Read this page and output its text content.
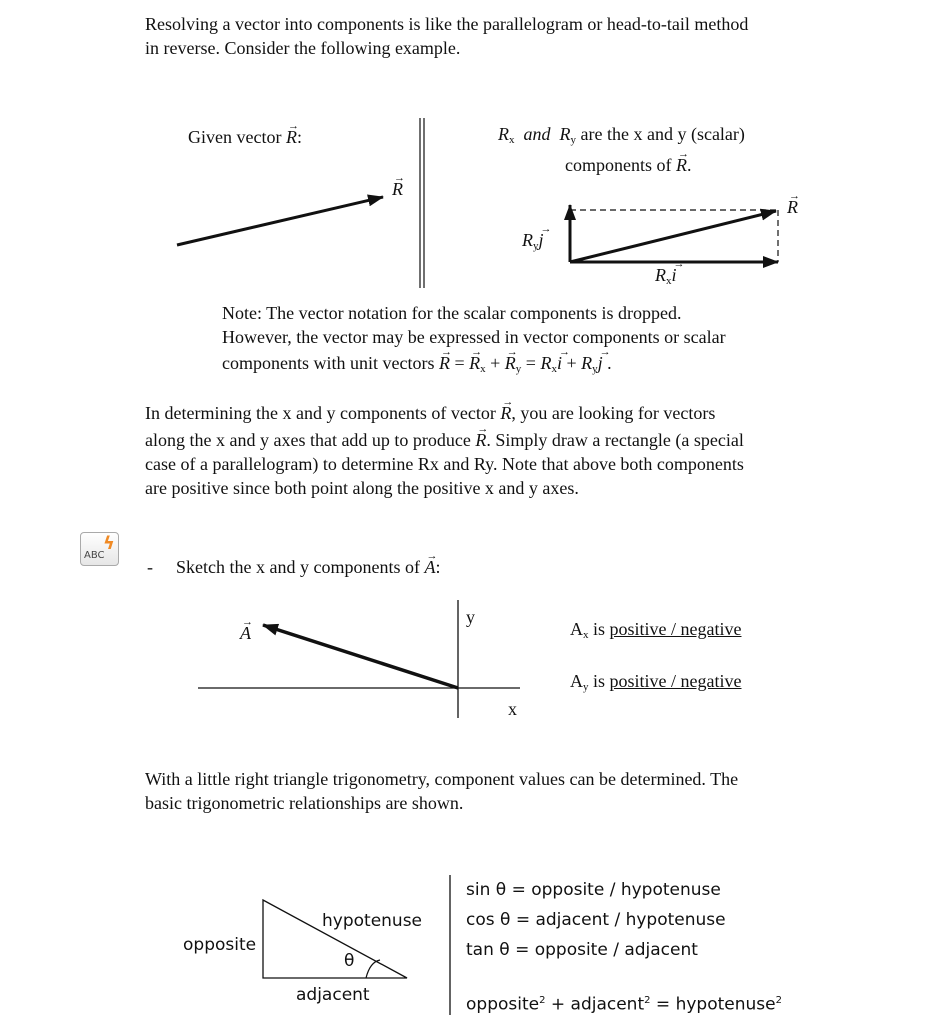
Resolving a vector into components is like the parallelogram or head-to-tail method
in reverse. Consider the following example.
Given vector → R:
→ R
$R_x$ and $R_y$ are the x and y (scalar)
components of → R.
→ R
$R_y\to j$
$R_x\to i$
Note: The vector notation for the scalar components is dropped.
However, the vector may be expressed in vector components or scalar
components with unit vectors → R = → $R_x$ + → $R_y = R_x\to i + R_y\to j$ .
In determining the x and y components of vector → R, you are looking for vectors
along the x and y axes that add up to produce → R. Simply draw a rectangle (a special
case of a parallelogram) to determine Rx and Ry. Note that above both components
are positive since both point along the positive x and y axes.
ABC
ϟ
- Sketch the x and y components of → A:
→ A
y
x
$A_x$ is positive / negative
$A_y$ is positive / negative
With a little right triangle trigonometry, component values can be determined. The
basic trigonometric relationships are shown.
hypotenuse
opposite
θ
adjacent
sin θ = opposite / hypotenuse
cos θ = adjacent / hypotenuse
tan θ = opposite / adjacent
opposite$^2$ + adjacent$^2$ = hypotenuse$^2$
